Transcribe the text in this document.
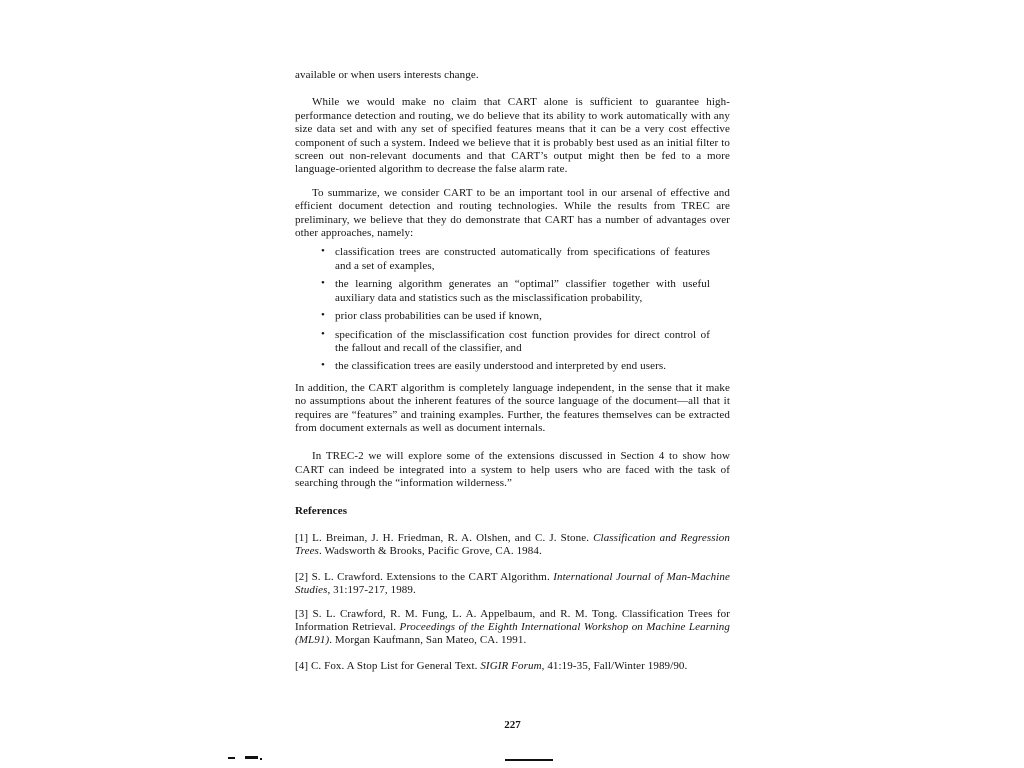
available or when users interests change.

While we would make no claim that CART alone is sufficient to guarantee high-performance detection and routing, we do believe that its ability to work automatically with any size data set and with any set of specified features means that it can be a very cost effective component of such a system. Indeed we believe that it is probably best used as an initial filter to screen out non-relevant documents and that CART’s output might then be fed to a more language-oriented algorithm to decrease the false alarm rate.

To summarize, we consider CART to be an important tool in our arsenal of effective and efficient document detection and routing technologies. While the results from TREC are preliminary, we believe that they do demonstrate that CART has a number of advantages over other approaches, namely:

• classification trees are constructed automatically from specifications of features and a set of examples,
• the learning algorithm generates an “optimal” classifier together with useful auxiliary data and statistics such as the misclassification probability,
• prior class probabilities can be used if known,
• specification of the misclassification cost function provides for direct control of the fallout and recall of the classifier, and
• the classification trees are easily understood and interpreted by end users.

In addition, the CART algorithm is completely language independent, in the sense that it make no assumptions about the inherent features of the source language of the document—all that it requires are “features” and training examples. Further, the features themselves can be extracted from document externals as well as document internals.

In TREC-2 we will explore some of the extensions discussed in Section 4 to show how CART can indeed be integrated into a system to help users who are faced with the task of searching through the “information wilderness.”

References

[1] L. Breiman, J. H. Friedman, R. A. Olshen, and C. J. Stone. Classification and Regression Trees. Wadsworth & Brooks, Pacific Grove, CA. 1984.

[2] S. L. Crawford. Extensions to the CART Algorithm. International Journal of Man-Machine Studies, 31:197-217, 1989.

[3] S. L. Crawford, R. M. Fung, L. A. Appelbaum, and R. M. Tong. Classification Trees for Information Retrieval. Proceedings of the Eighth International Workshop on Machine Learning (ML91). Morgan Kaufmann, San Mateo, CA. 1991.

[4] C. Fox. A Stop List for General Text. SIGIR Forum, 41:19-35, Fall/Winter 1989/90.

227
